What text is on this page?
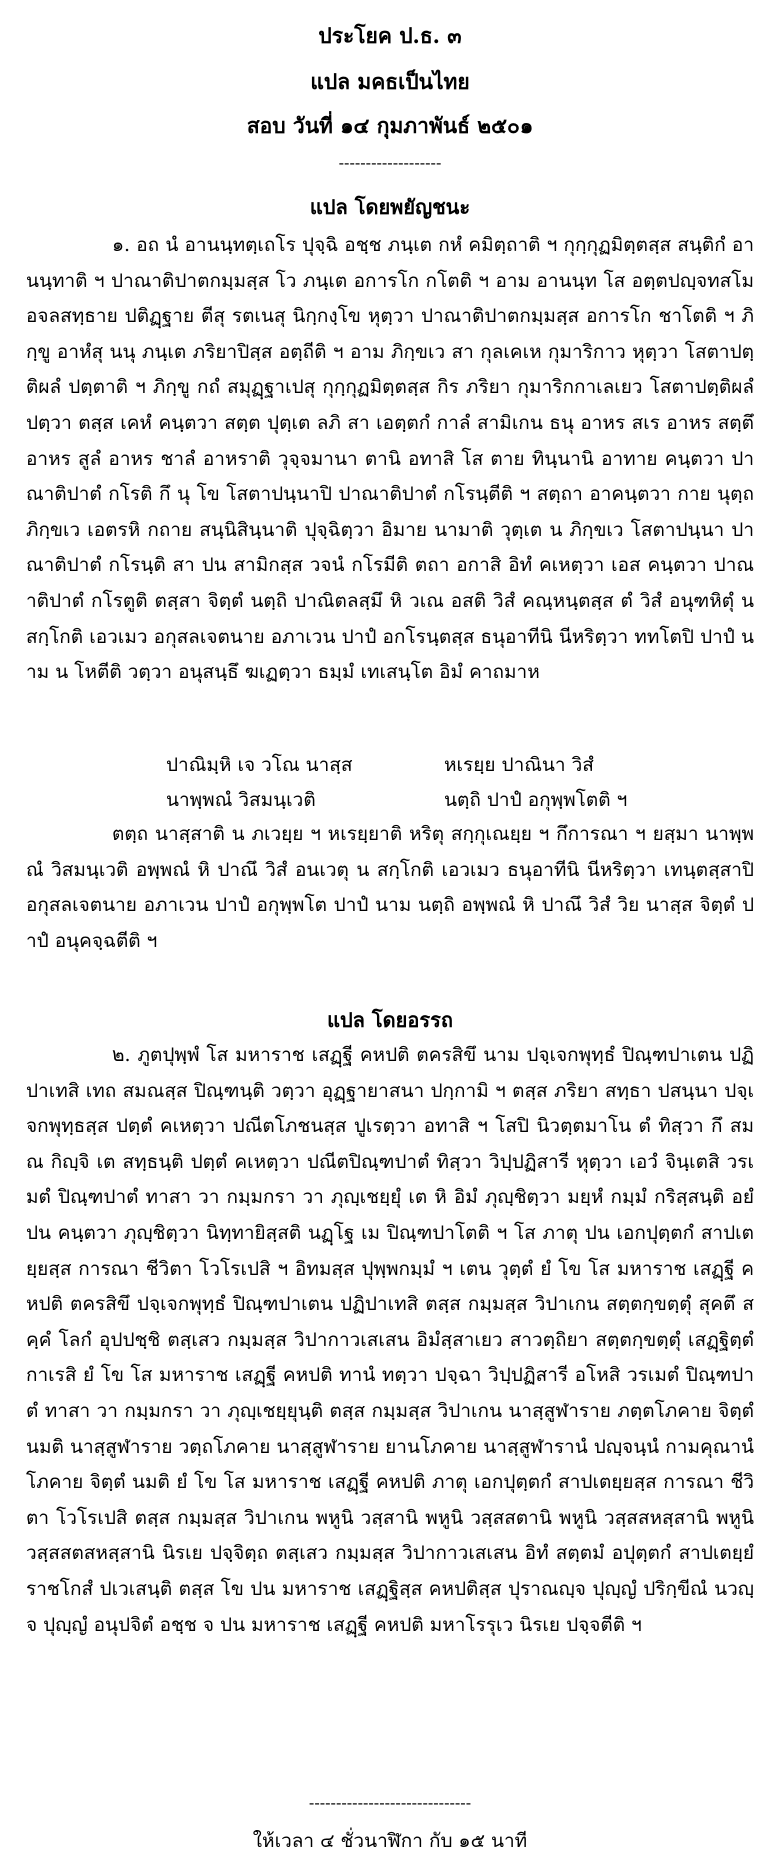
ประโยค ป.ธ. ๓
แปล มคธเป็นไทย
สอบ วันที่ ๑๔ กุมภาพันธ์ ๒๕๐๑
-------------------
แปล โดยพยัญชนะ

๑. อถ นํ อานนฺทตฺเถโร ปุจฺฉิ อชฺช ภนฺเต กหํ คมิตฺถาติ ฯ กุกฺกุฏมิตฺตสฺส สนฺติกํ อานนฺทาติ ฯ ปาณาติปาตกมฺมสฺส โว ภนฺเต อการโก กโตติ ฯ อาม อานนฺท โส อตฺตปญฺจทสโม อจลสทฺธาย ปติฏฺฐาย ตีสุ รตเนสุ นิกฺกงฺโข หุตฺวา ปาณาติปาตกมฺมสฺส อการโก ชาโตติ ฯ ภิกฺขู อาหํสุ นนุ ภนฺเต ภริยาปิสฺส อตฺถีติ ฯ อาม ภิกฺขเว สา กุลเคเห กุมาริกาว หุตฺวา โสตาปตฺติผลํ ปตฺตาติ ฯ ภิกฺขู กถํ สมุฏฺฐาเปสุ กุกฺกุฏมิตฺตสฺส กิร ภริยา กุมาริกกาเลเยว โสตาปตฺติผลํ ปตฺวา ตสฺส เคหํ คนฺตวา สตฺต ปุตฺเต ลภิ สา เอตฺตกํ กาลํ สามิเกน ธนุ อาหร สเร อาหร สตฺตึ อาหร สูลํ อาหร ชาลํ อาหราติ วุจฺจมานา ตานิ อทาสิ โส ตาย ทินฺนานิ อาทาย คนฺตวา ปาณาติปาตํ กโรติ กึ นุ โข โสตาปนฺนาปิ ปาณาติปาตํ กโรนฺตีติ ฯ สตฺถา อาคนฺตวา กาย นุตฺถ ภิกฺขเว เอตรหิ กถาย สนฺนิสินฺนาติ ปุจฺฉิตฺวา อิมาย นามาติ วุตฺเต น ภิกฺขเว โสตาปนฺนา ปาณาติปาตํ กโรนฺติ สา ปน สามิกสฺส วจนํ กโรมีติ ตถา อกาสิ อิทํ คเหตฺวา เอส คนฺตวา ปาณาติปาตํ กโรตูติ ตสฺสา จิตฺตํ นตฺถิ ปาณิตลสฺมึ หิ วเณ อสติ วิสํ คณฺหนฺตสฺส ตํ วิสํ อนุฑหิตุํ น สกฺโกติ เอวเมว อกุสลเจตนาย อภาเวน ปาปํ อกโรนฺตสฺส ธนุอาทีนิ นีหริตฺวา ททโตปิ ปาปํ นาม น โหตีติ วตฺวา อนุสนฺธึ ฆเฏตฺวา ธมฺมํ เทเสนฺโต อิมํ คาถมาห

ปาณิมฺหิ เจ วโณ นาสฺส	หเรยฺย ปาณินา วิสํ
นาพฺพณํ วิสมนฺเวติ	นตฺถิ ปาปํ อกุพฺพโตติ ฯ

ตตฺถ นาสฺสาติ น ภเวยฺย ฯ หเรยฺยาติ หริตุ สกฺกุเณยฺย ฯ กึการณา ฯ ยสฺมา นาพฺพณํ วิสมนฺเวติ อพฺพณํ หิ ปาณึ วิสํ อนเวตุ น สกฺโกติ เอวเมว ธนุอาทีนิ นีหริตฺวา เทนฺตสฺสาปิ อกุสลเจตนาย อภาเวน ปาปํ อกุพฺพโต ปาปํ นาม นตฺถิ อพฺพณํ หิ ปาณึ วิสํ วิย นาสฺส จิตฺตํ ปาปํ อนุคจฺฉตีติ ฯ

แปล โดยอรรถ

๒. ภูตปุพฺพํ โส มหาราช เสฏฺฐี คหปติ ตครสิขึ นาม ปจฺเจกพุทฺธํ ปิณฺฑปาเตน ปฏิปาเทสิ เทถ สมณสฺส ปิณฺฑนฺติ วตฺวา อุฏฺฐายาสนา ปกฺกามิ ฯ ตสฺส ภริยา สทฺธา ปสนฺนา ปจฺเจกพุทฺธสฺส ปตฺตํ คเหตฺวา ปณีตโภชนสฺส ปูเรตฺวา อทาสิ ฯ โสปิ นิวตฺตมาโน ตํ ทิสฺวา กึ สมณ กิญฺจิ เต สทฺธนฺติ ปตฺตํ คเหตฺวา ปณีตปิณฺฑปาตํ ทิสฺวา วิปฺปฏิสารี หุตฺวา เอวํ จินฺเตสิ วรเมตํ ปิณฺฑปาตํ ทาสา วา กมฺมกรา วา ภุญฺเชยฺยุํ เต หิ อิมํ ภุญฺชิตฺวา มยฺหํ กมฺมํ กริสฺสนฺติ อยํ ปน คนฺตวา ภุญฺชิตฺวา นิทฺทายิสฺสติ นฏฺโฐ เม ปิณฺฑปาโตติ ฯ โส ภาตุ ปน เอกปุตฺตกํ สาปเตยฺยสฺส การณา ชีวิตา โวโรเปสิ ฯ อิทมสฺส ปุพฺพกมฺมํ ฯ เตน วุตฺตํ ยํ โข โส มหาราช เสฏฺฐี คหปติ ตครสิขึ ปจฺเจกพุทฺธํ ปิณฺฑปาเตน ปฏิปาเทสิ ตสฺส กมฺมสฺส วิปาเกน สตฺตกฺขตฺตุํ สุคตึ สคฺคํ โลกํ อุปปชฺชิ ตสฺเสว กมฺมสฺส วิปากาวเสเสน อิมํสฺสาเยว สาวตฺถิยา สตฺตกฺขตฺตุํ เสฏฺฐิตฺตํ กาเรสิ ยํ โข โส มหาราช เสฏฺฐี คหปติ ทานํ ทตฺวา ปจฺฉา วิปฺปฏิสารี อโหสิ วรเมตํ ปิณฺฑปาตํ ทาสา วา กมฺมกรา วา ภุญฺเชยฺยุนฺติ ตสฺส กมฺมสฺส วิปาเกน นาสฺสูฬาราย ภตฺตโภคาย จิตฺตํ นมติ นาสฺสูฬาราย วตฺถโภคาย นาสฺสูฬาราย ยานโภคาย นาสฺสูฬารานํ ปญฺจนฺนํ กามคุณานํ โภคาย จิตฺตํ นมติ ยํ โข โส มหาราช เสฏฺฐี คหปติ ภาตุ เอกปุตฺตกํ สาปเตยฺยสฺส การณา ชีวิตา โวโรเปสิ ตสฺส กมฺมสฺส วิปาเกน พหูนิ วสฺสานิ พหูนิ วสฺสสตานิ พหูนิ วสฺสสหสฺสานิ พหูนิ วสฺสสตสหสฺสานิ นิรเย ปจฺจิตฺถ ตสฺเสว กมฺมสฺส วิปากาวเสเสน อิทํ สตฺตมํ อปุตฺตกํ สาปเตยฺยํ ราชโกสํ ปเวเสนฺติ ตสฺส โข ปน มหาราช เสฏฺฐิสฺส คหปติสฺส ปุราณญฺจ ปุญฺญํ ปริกฺขีณํ นวญฺจ ปุญฺญํ อนุปจิตํ อชฺช จ ปน มหาราช เสฏฺฐี คหปติ มหาโรรุเว นิรเย ปจฺจตีติ ฯ

------------------------------
ให้เวลา ๔ ชั่วนาฬิกา กับ ๑๕ นาที
